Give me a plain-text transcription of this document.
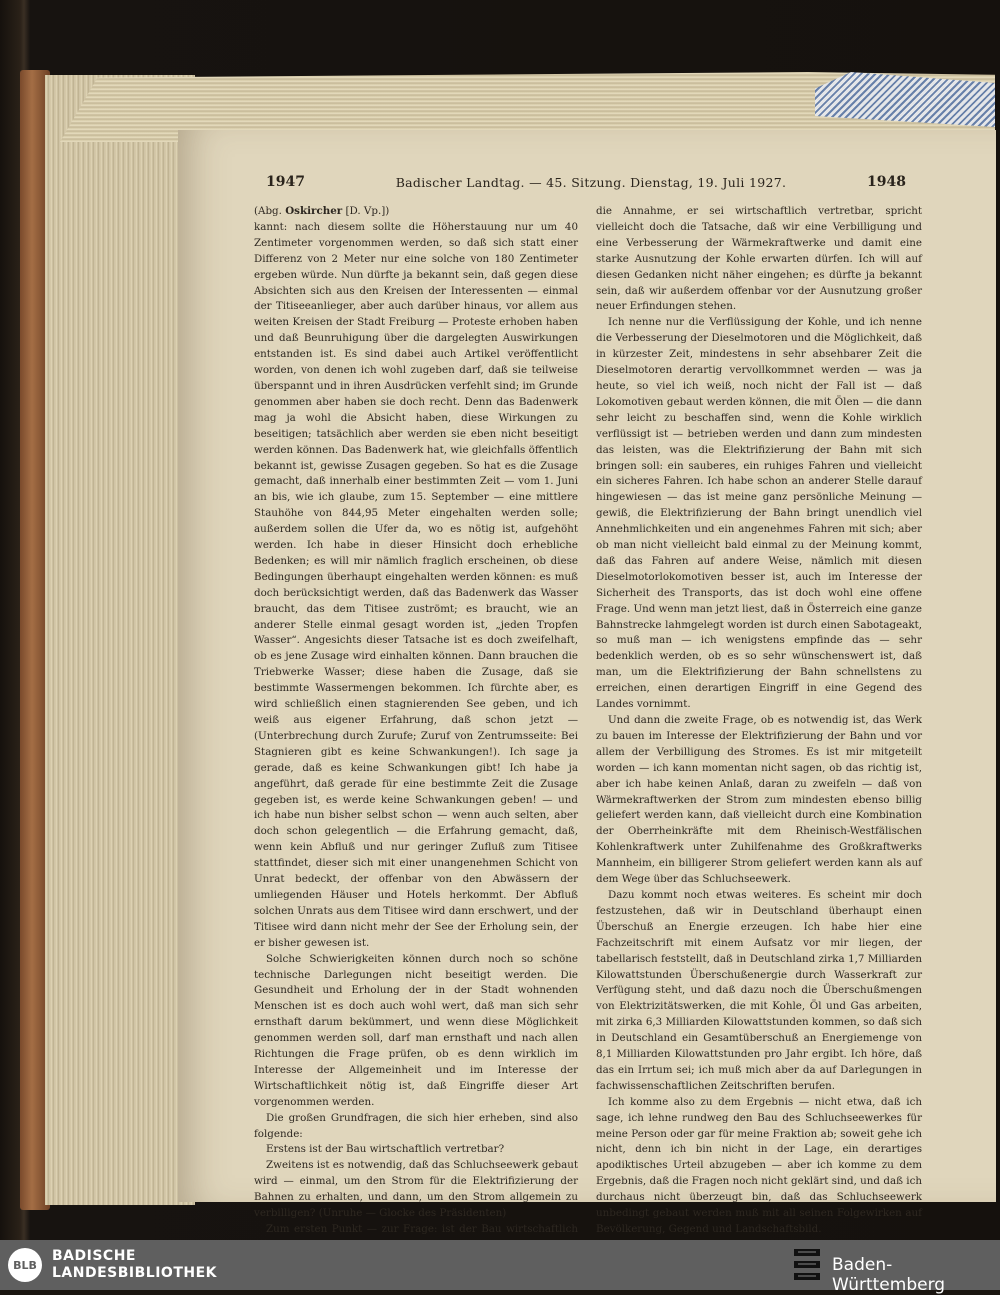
1947	Badischer Landtag. — 45. Sitzung. Dienstag, 19. Juli 1927.	1948

(Abg. Oskircher [D. Vp.])

kannt: nach diesem sollte die Höherstauung nur um 40 Zentimeter vorgenommen werden, so daß sich statt einer Differenz von 2 Meter nur eine solche von 180 Zentimeter ergeben würde. Nun dürfte ja bekannt sein, daß gegen diese Absichten sich aus den Kreisen der Interessenten — einmal der Titiseeanlieger, aber auch darüber hinaus, vor allem aus weiten Kreisen der Stadt Freiburg — Proteste erhoben haben und daß Beunruhigung über die dargelegten Auswirkungen entstanden ist. Es sind dabei auch Artikel veröffentlicht worden, von denen ich wohl zugeben darf, daß sie teilweise überspannt und in ihren Ausdrücken verfehlt sind; im Grunde genommen aber haben sie doch recht. Denn das Badenwerk mag ja wohl die Absicht haben, diese Wirkungen zu beseitigen; tatsächlich aber werden sie eben nicht beseitigt werden können. Das Badenwerk hat, wie gleichfalls öffentlich bekannt ist, gewisse Zusagen gegeben. So hat es die Zusage gemacht, daß innerhalb einer bestimmten Zeit — vom 1. Juni an bis, wie ich glaube, zum 15. September — eine mittlere Stauhöhe von 844,95 Meter eingehalten werden solle; außerdem sollen die Ufer da, wo es nötig ist, aufgehöht werden. Ich habe in dieser Hinsicht doch erhebliche Bedenken; es will mir nämlich fraglich erscheinen, ob diese Bedingungen überhaupt eingehalten werden können: es muß doch berücksichtigt werden, daß das Badenwerk das Wasser braucht, das dem Titisee zuströmt; es braucht, wie an anderer Stelle einmal gesagt worden ist, „jeden Tropfen Wasser“. Angesichts dieser Tatsache ist es doch zweifelhaft, ob es jene Zusage wird einhalten können. Dann brauchen die Triebwerke Wasser; diese haben die Zusage, daß sie bestimmte Wassermengen bekommen. Ich fürchte aber, es wird schließlich einen stagnierenden See geben, und ich weiß aus eigener Erfahrung, daß schon jetzt — (Unterbrechung durch Zurufe; Zuruf von Zentrumsseite: Bei Stagnieren gibt es keine Schwankungen!). Ich sage ja gerade, daß es keine Schwankungen gibt! Ich habe ja angeführt, daß gerade für eine bestimmte Zeit die Zusage gegeben ist, es werde keine Schwankungen geben! — und ich habe nun bisher selbst schon — wenn auch selten, aber doch schon gelegentlich — die Erfahrung gemacht, daß, wenn kein Abfluß und nur geringer Zufluß zum Titisee stattfindet, dieser sich mit einer unangenehmen Schicht von Unrat bedeckt, der offenbar von den Abwässern der umliegenden Häuser und Hotels herkommt. Der Abfluß solchen Unrats aus dem Titisee wird dann erschwert, und der Titisee wird dann nicht mehr der See der Erholung sein, der er bisher gewesen ist.

Solche Schwierigkeiten können durch noch so schöne technische Darlegungen nicht beseitigt werden. Die Gesundheit und Erholung der in der Stadt wohnenden Menschen ist es doch auch wohl wert, daß man sich sehr ernsthaft darum bekümmert, und wenn diese Möglichkeit genommen werden soll, darf man ernsthaft und nach allen Richtungen die Frage prüfen, ob es denn wirklich im Interesse der Allgemeinheit und im Interesse der Wirtschaftlichkeit nötig ist, daß Eingriffe dieser Art vorgenommen werden.

Die großen Grundfragen, die sich hier erheben, sind also folgende:

Erstens ist der Bau wirtschaftlich vertretbar?

Zweitens ist es notwendig, daß das Schluchseewerk gebaut wird — einmal, um den Strom für die Elektrifizierung der Bahnen zu erhalten, und dann, um den Strom allgemein zu verbilligen? (Unruhe — Glocke des Präsidenten)

Zum ersten Punkt — zur Frage: ist der Bau wirtschaftlich

die Annahme, er sei wirtschaftlich vertretbar, spricht vielleicht doch die Tatsache, daß wir eine Verbilligung und eine Verbesserung der Wärmekraftwerke und damit eine starke Ausnutzung der Kohle erwarten dürfen. Ich will auf diesen Gedanken nicht näher eingehen; es dürfte ja bekannt sein, daß wir außerdem offenbar vor der Ausnutzung großer neuer Erfindungen stehen.

Ich nenne nur die Verflüssigung der Kohle, und ich nenne die Verbesserung der Dieselmotoren und die Möglichkeit, daß in kürzester Zeit, mindestens in sehr absehbarer Zeit die Dieselmotoren derartig vervollkommnet werden — was ja heute, so viel ich weiß, noch nicht der Fall ist — daß Lokomotiven gebaut werden können, die mit Ölen — die dann sehr leicht zu beschaffen sind, wenn die Kohle wirklich verflüssigt ist — betrieben werden und dann zum mindesten das leisten, was die Elektrifizierung der Bahn mit sich bringen soll: ein sauberes, ein ruhiges Fahren und vielleicht ein sicheres Fahren. Ich habe schon an anderer Stelle darauf hingewiesen — das ist meine ganz persönliche Meinung — gewiß, die Elektrifizierung der Bahn bringt unendlich viel Annehmlichkeiten und ein angenehmes Fahren mit sich; aber ob man nicht vielleicht bald einmal zu der Meinung kommt, daß das Fahren auf andere Weise, nämlich mit diesen Dieselmotorlokomotiven besser ist, auch im Interesse der Sicherheit des Transports, das ist doch wohl eine offene Frage. Und wenn man jetzt liest, daß in Österreich eine ganze Bahnstrecke lahmgelegt worden ist durch einen Sabotageakt, so muß man — ich wenigstens empfinde das — sehr bedenklich werden, ob es so sehr wünschenswert ist, daß man, um die Elektrifizierung der Bahn schnellstens zu erreichen, einen derartigen Eingriff in eine Gegend des Landes vornimmt.

Und dann die zweite Frage, ob es notwendig ist, das Werk zu bauen im Interesse der Elektrifizierung der Bahn und vor allem der Verbilligung des Stromes. Es ist mir mitgeteilt worden — ich kann momentan nicht sagen, ob das richtig ist, aber ich habe keinen Anlaß, daran zu zweifeln — daß von Wärmekraftwerken der Strom zum mindesten ebenso billig geliefert werden kann, daß vielleicht durch eine Kombination der Oberrheinkräfte mit dem Rheinisch-Westfälischen Kohlenkraftwerk unter Zuhilfenahme des Großkraftwerks Mannheim, ein billigerer Strom geliefert werden kann als auf dem Wege über das Schluchseewerk.

Dazu kommt noch etwas weiteres. Es scheint mir doch festzustehen, daß wir in Deutschland überhaupt einen Überschuß an Energie erzeugen. Ich habe hier eine Fachzeitschrift mit einem Aufsatz vor mir liegen, der tabellarisch feststellt, daß in Deutschland zirka 1,7 Milliarden Kilowattstunden Überschußenergie durch Wasserkraft zur Verfügung steht, und daß dazu noch die Überschußmengen von Elektrizitätswerken, die mit Kohle, Öl und Gas arbeiten, mit zirka 6,3 Milliarden Kilowattstunden kommen, so daß sich in Deutschland ein Gesamtüberschuß an Energiemenge von 8,1 Milliarden Kilowattstunden pro Jahr ergibt. Ich höre, daß das ein Irrtum sei; ich muß mich aber da auf Darlegungen in fachwissenschaftlichen Zeitschriften berufen.

Ich komme also zu dem Ergebnis — nicht etwa, daß ich sage, ich lehne rundweg den Bau des Schluchseewerkes für meine Person oder gar für meine Fraktion ab; soweit gehe ich nicht, denn ich bin nicht in der Lage, ein derartiges apodiktisches Urteil abzugeben — aber ich komme zu dem Ergebnis, daß die Fragen noch nicht geklärt sind, und daß ich durchaus nicht überzeugt bin, daß das Schluchseewerk unbedingt gebaut werden muß mit all seinen Folgewirken auf Bevölkerung, Gegend und Landschaftsbild.

BLB
BADISCHE
LANDESBIBLIOTHEK	Baden-Württemberg
